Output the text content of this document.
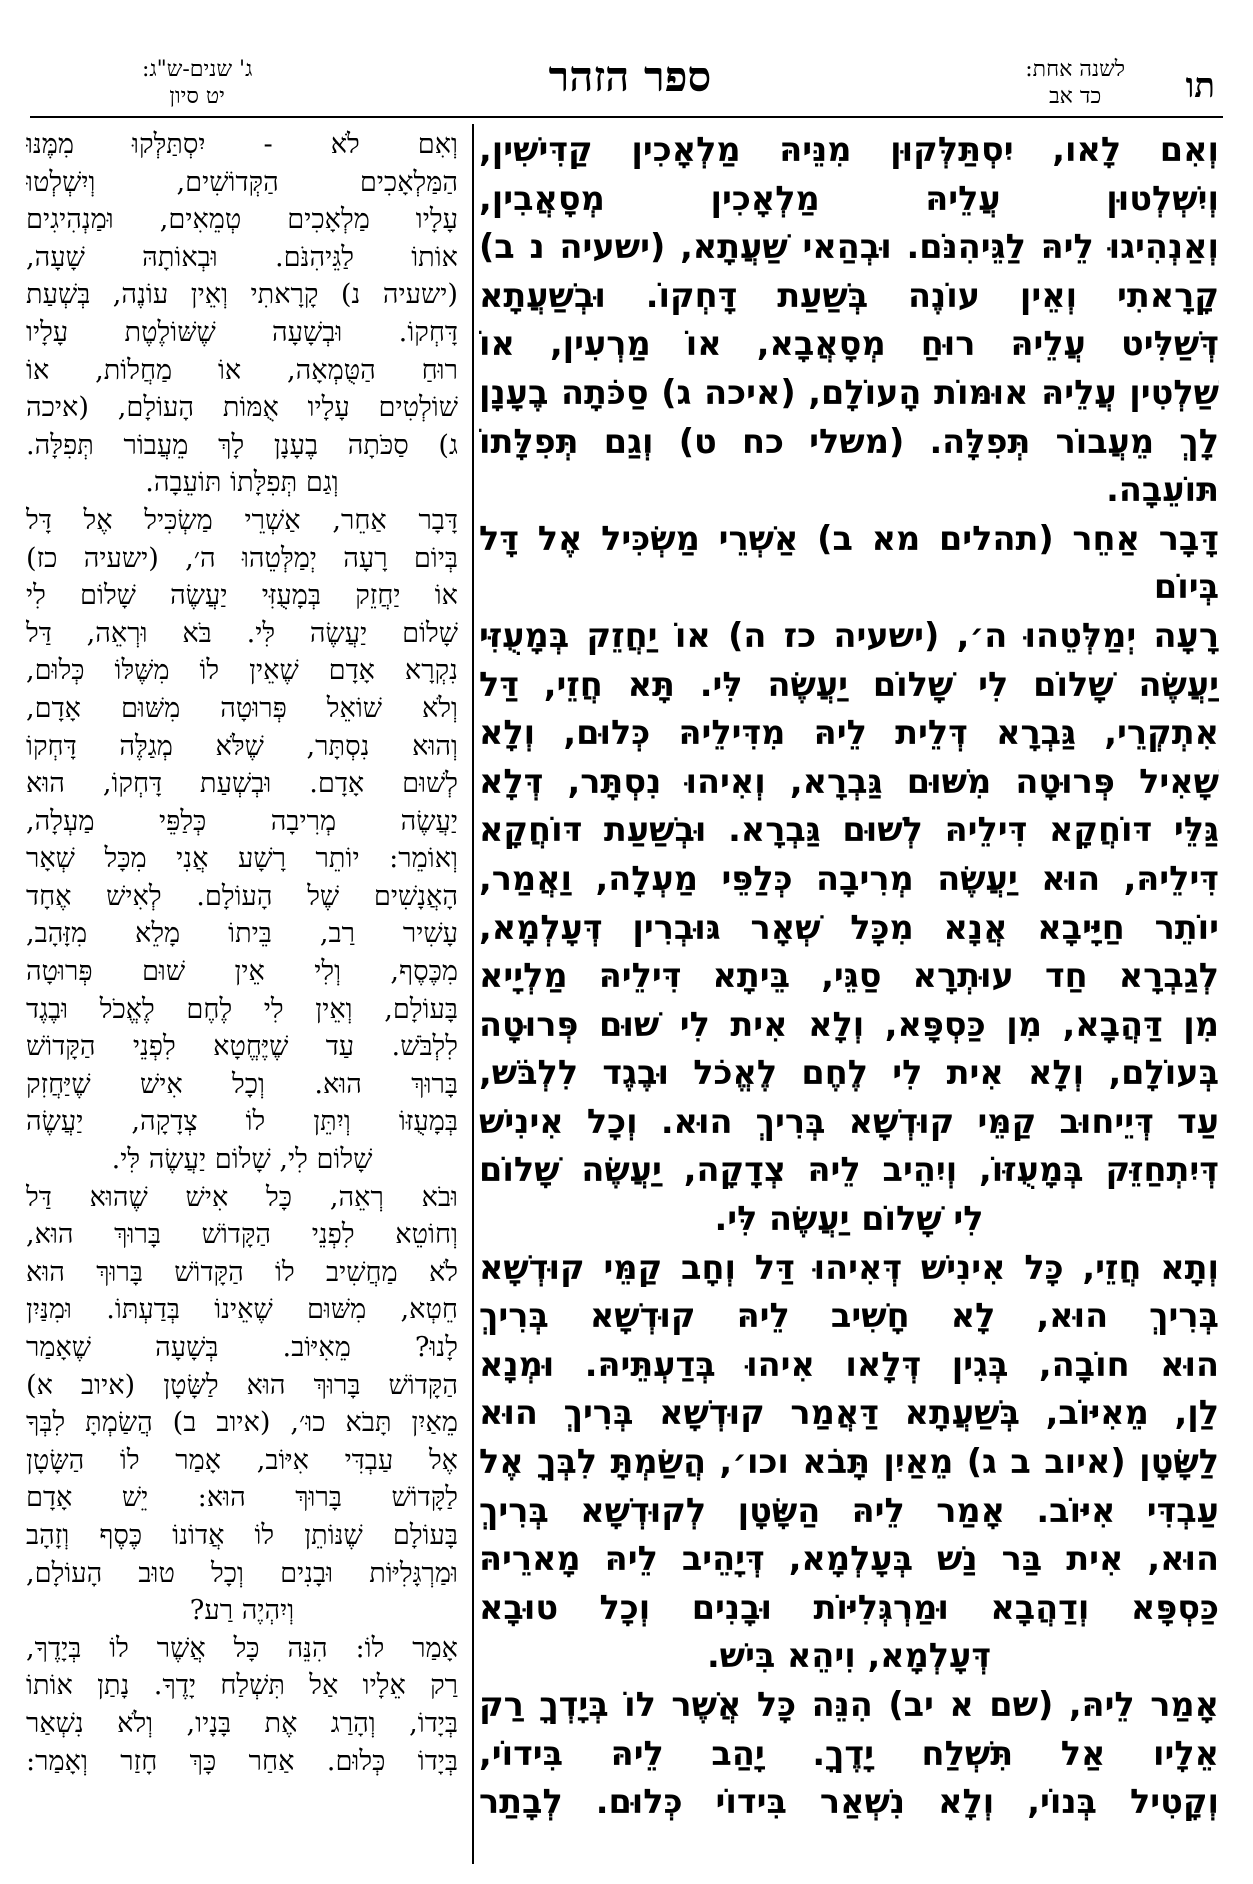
תו
לשנה אחת:
כד אב
ספר הזהר
ג' שנים-ש"ג:
יט סיון

וְאִם לָאו, יִסְתַּלְּקוּן מִנֵּיהּ מַלְאָכִין קַדִּישִׁין,

וְיִשְׁלְטוּן עֲלֵיהּ מַלְאָכִין מְסָאֲבִין,

וְאַנְהִיגוּ לֵיהּ לַגֵּיהִנֹּם. וּבְהַאי שַׁעֲתָא, (ישעיה נ ב)

קָרָאתִי וְאֵין עוֹנֶה בְּשַׁעַת דָּחְקוֹ. וּבְשַׁעֲתָא

דְּשַׁלִּיט עֲלֵיהּ רוּחַ מְסָאֲבָא, אוֹ מַרְעִין, אוֹ

שַׁלְטִין עֲלֵיהּ אוּמּוֹת הָעוֹלָם, (איכה ג) סַכֹּתָה בֶעָנָן

לָךְ מֵעֲבוֹר תְּפִלָּה. (משלי כח ט) וְגַם תְּפִלָּתוֹ תּוֹעֵבָה.

דָּבָר אַחֵר (תהלים מא ב) אַשְׁרֵי מַשְׂכִּיל אֶל דָּל בְּיוֹם

רָעָה יְמַלְּטֵהוּ ה׳, (ישעיה כז ה) אוֹ יַחֲזֵק בְּמָעֻזִּי

יַעֲשֶׂה שָׁלוֹם לִי שָׁלוֹם יַעֲשֶׂה לִּי. תָּא חֲזֵי, דַּל

אִתְקְרֵי, גַּבְרָא דְּלֵית לֵיהּ מִדִּילֵיהּ כְּלוּם, וְלָא

שָׁאִיל פְּרוּטָה מִשּׁוּם גַּבְרָא, וְאִיהוּ נִסְתָּר, דְּלָא

גַּלֵּי דּוֹחֲקָא דִּילֵיהּ לְשׁוּם גַּבְרָא. וּבְשַׁעַת דּוֹחֲקָא

דִּילֵיהּ, הוּא יַעֲשֶׂה מְרִיבָה כְּלַפֵּי מַעְלָה, וַאֲמַר,

יוֹתֵר חַיָּיבָא אֲנָא מִכָּל שְׁאָר גּוּבְרִין דְּעָלְמָא,

לְגַבְרָא חַד עוּתְרָא סַגֵּי, בֵּיתָא דִּילֵיהּ מַלְיָיא

מִן דַּהֲבָא, מִן כַּסְפָּא, וְלָא אִית לִי שׁוּם פְּרוּטָה

בְּעוֹלָם, וְלָא אִית לִי לֶחֶם לֶאֱכֹל וּבֶגֶד לִלְבֹּשׁ,

עַד דְּיֵיחוּב קַמֵּי קוּדְשָׁא בְּרִיךְ הוּא. וְכָל אִינִישׁ

דְּיִתְחַזֵּק בְּמָעֻזּוֹ, וְיִהֵיב לֵיהּ צְדָקָה, יַעֲשֶׂה שָׁלוֹם

לִי שָׁלוֹם יַעֲשֶׂה לִּי.

וְתָא חֲזֵי, כָּל אִינִישׁ דְּאִיהוּ דַּל וְחָב קַמֵּי קוּדְשָׁא

בְּרִיךְ הוּא, לָא חָשִׁיב לֵיהּ קוּדְשָׁא בְּרִיךְ

הוּא חוֹבָה, בְּגִין דְּלָאו אִיהוּ בְּדַעְתֵּיהּ. וּמְנָא

לַן, מֵאִיּוֹב, בְּשַׁעֲתָא דַּאֲמַר קוּדְשָׁא בְּרִיךְ הוּא

לַשָּׂטָן (איוב ב ג) מֵאַיִן תָּבֹא וכו׳, הֲשַׂמְתָּ לִבְּךָ אֶל

עַבְדִּי אִיּוֹב. אָמַר לֵיהּ הַשָּׂטָן לְקוּדְשָׁא בְּרִיךְ

הוּא, אִית בַּר נַשׁ בְּעָלְמָא, דְּיָהֵיב לֵיהּ מָארֵיהּ

כַּסְפָּא וְדַהֲבָא וּמַרְגְּלִיּוֹת וּבָנִים וְכָל טוּבָא

דְּעָלְמָא, וִיהֵא בִּישׁ.

אָמַר לֵיהּ, (שם א יב) הִנֵּה כָּל אֲשֶׁר לוֹ בְּיָדְךָ רַק

אֵלָיו אַל תִּשְׁלַח יָדֶךָ. יָהַב לֵיהּ בִּידוֹי,

וְקָטִיל בְּנוֹי, וְלָא נִשְׁאַר בִּידוֹי כְּלוּם. לְבָתַר

וְאִם לֹא - יִסְתַּלְּקוּ מִמֶּנּוּ

הַמַּלְאָכִים הַקְּדוֹשִׁים, וְיִשְׁלְטוּ

עָלָיו מַלְאָכִים טְמֵאִים, וּמַנְהִיגִים

אוֹתוֹ לַגֵּיהִנֹּם. וּבְאוֹתָהּ שָׁעָה,

(ישעיה נ) קָרָאתִי וְאֵין עוֹנֶה, בְּשְׁעַת

דָּחְקוֹ. וּבְשָׁעָה שֶׁשּׁוֹלֶטֶת עָלָיו

רוּחַ הַטֻּמְאָה, אוֹ מַחֲלוֹת, אוֹ

שׁוֹלְטִים עָלָיו אֻמּוֹת הָעוֹלָם, (איכה

ג) סַכֹּתָה בֶעָנָן לָךְ מֵעֲבוֹר תְּפִלָּה.

וְגַם תְּפִלָּתוֹ תּוֹעֵבָה.

דָּבָר אַחֵר, אַשְׁרֵי מַשְׂכִּיל אֶל דָּל

בְּיוֹם רָעָה יְמַלְּטֵהוּ ה׳, (ישעיה כז)

אוֹ יַחֲזֵק בְּמָעֻזִּי יַעֲשֶׂה שָׁלוֹם לִי

שָׁלוֹם יַעֲשֶׂה לִּי. בֹּא וּרְאֵה, דַּל

נִקְרָא אָדָם שֶׁאֵין לוֹ מִשֶּׁלּוֹ כְּלוּם,

וְלֹא שׁוֹאֵל פְּרוּטָה מִשּׁוּם אָדָם,

וְהוּא נִסְתָּר, שֶׁלֹּא מְגַלֶּה דָּחְקוֹ

לְשׁוּם אָדָם. וּבְשְׁעַת דָּחְקוֹ, הוּא

יַעֲשֶׂה מְרִיבָה כְּלַפֵּי מַעְלָה,

וְאוֹמֵר: יוֹתֵר רָשָׁע אֲנִי מִכָּל שְׁאָר

הָאֲנָשִׁים שֶׁל הָעוֹלָם. לְאִישׁ אֶחָד

עָשִׁיר רַב, בֵּיתוֹ מָלֵא מִזָּהָב,

מִכֶּסֶף, וְלִי אֵין שׁוּם פְּרוּטָה

בָּעוֹלָם, וְאֵין לִי לֶחֶם לֶאֱכֹל וּבֶגֶד

לִלְבֹּשׁ. עַד שֶׁיֶּחֱטָא לִפְנֵי הַקָּדוֹשׁ

בָּרוּךְ הוּא. וְכָל אִישׁ שֶׁיַּחֲזִק

בְּמָעֻזּוֹ וְיִתֵּן לוֹ צְדָקָה, יַעֲשֶׂה

שָׁלוֹם לִי, שָׁלוֹם יַעֲשֶׂה לִּי.

וּבֹא רְאֵה, כָּל אִישׁ שֶׁהוּא דַּל

וְחוֹטֵא לִפְנֵי הַקָּדוֹשׁ בָּרוּךְ הוּא,

לֹא מַחֲשִׁיב לוֹ הַקָּדוֹשׁ בָּרוּךְ הוּא

חֵטְא, מִשּׁוּם שֶׁאֵינוֹ בְּדַעְתּוֹ. וּמִנַּיִן

לָנוּ? מֵאִיּוֹב. בְּשָׁעָה שֶׁאָמַר

הַקָּדוֹשׁ בָּרוּךְ הוּא לַשָּׂטָן (איוב א)

מֵאַיִן תָּבֹא כוּ׳, (איוב ב) הֲשַׂמְתָּ לִבְּךָ

אֶל עַבְדִּי אִיּוֹב, אָמַר לוֹ הַשָּׂטָן

לַקָּדוֹשׁ בָּרוּךְ הוּא: יֵשׁ אָדָם

בָּעוֹלָם שֶׁנּוֹתֵן לוֹ אֲדוֹנוֹ כֶּסֶף וְזָהָב

וּמַרְגָּלִיּוֹת וּבָנִים וְכָל טוּב הָעוֹלָם,

וְיִהְיֶה רַע?

אָמַר לוֹ: הִנֵּה כָּל אֲשֶׁר לוֹ בְּיָדֶךָ,

רַק אֵלָיו אַל תִּשְׁלַח יָדֶךָ. נָתַן אוֹתוֹ

בְּיָדוֹ, וְהָרַג אֶת בָּנָיו, וְלֹא נִשְׁאַר

בְּיָדוֹ כְּלוּם. אַחַר כָּךְ חָזַר וְאָמַר:
